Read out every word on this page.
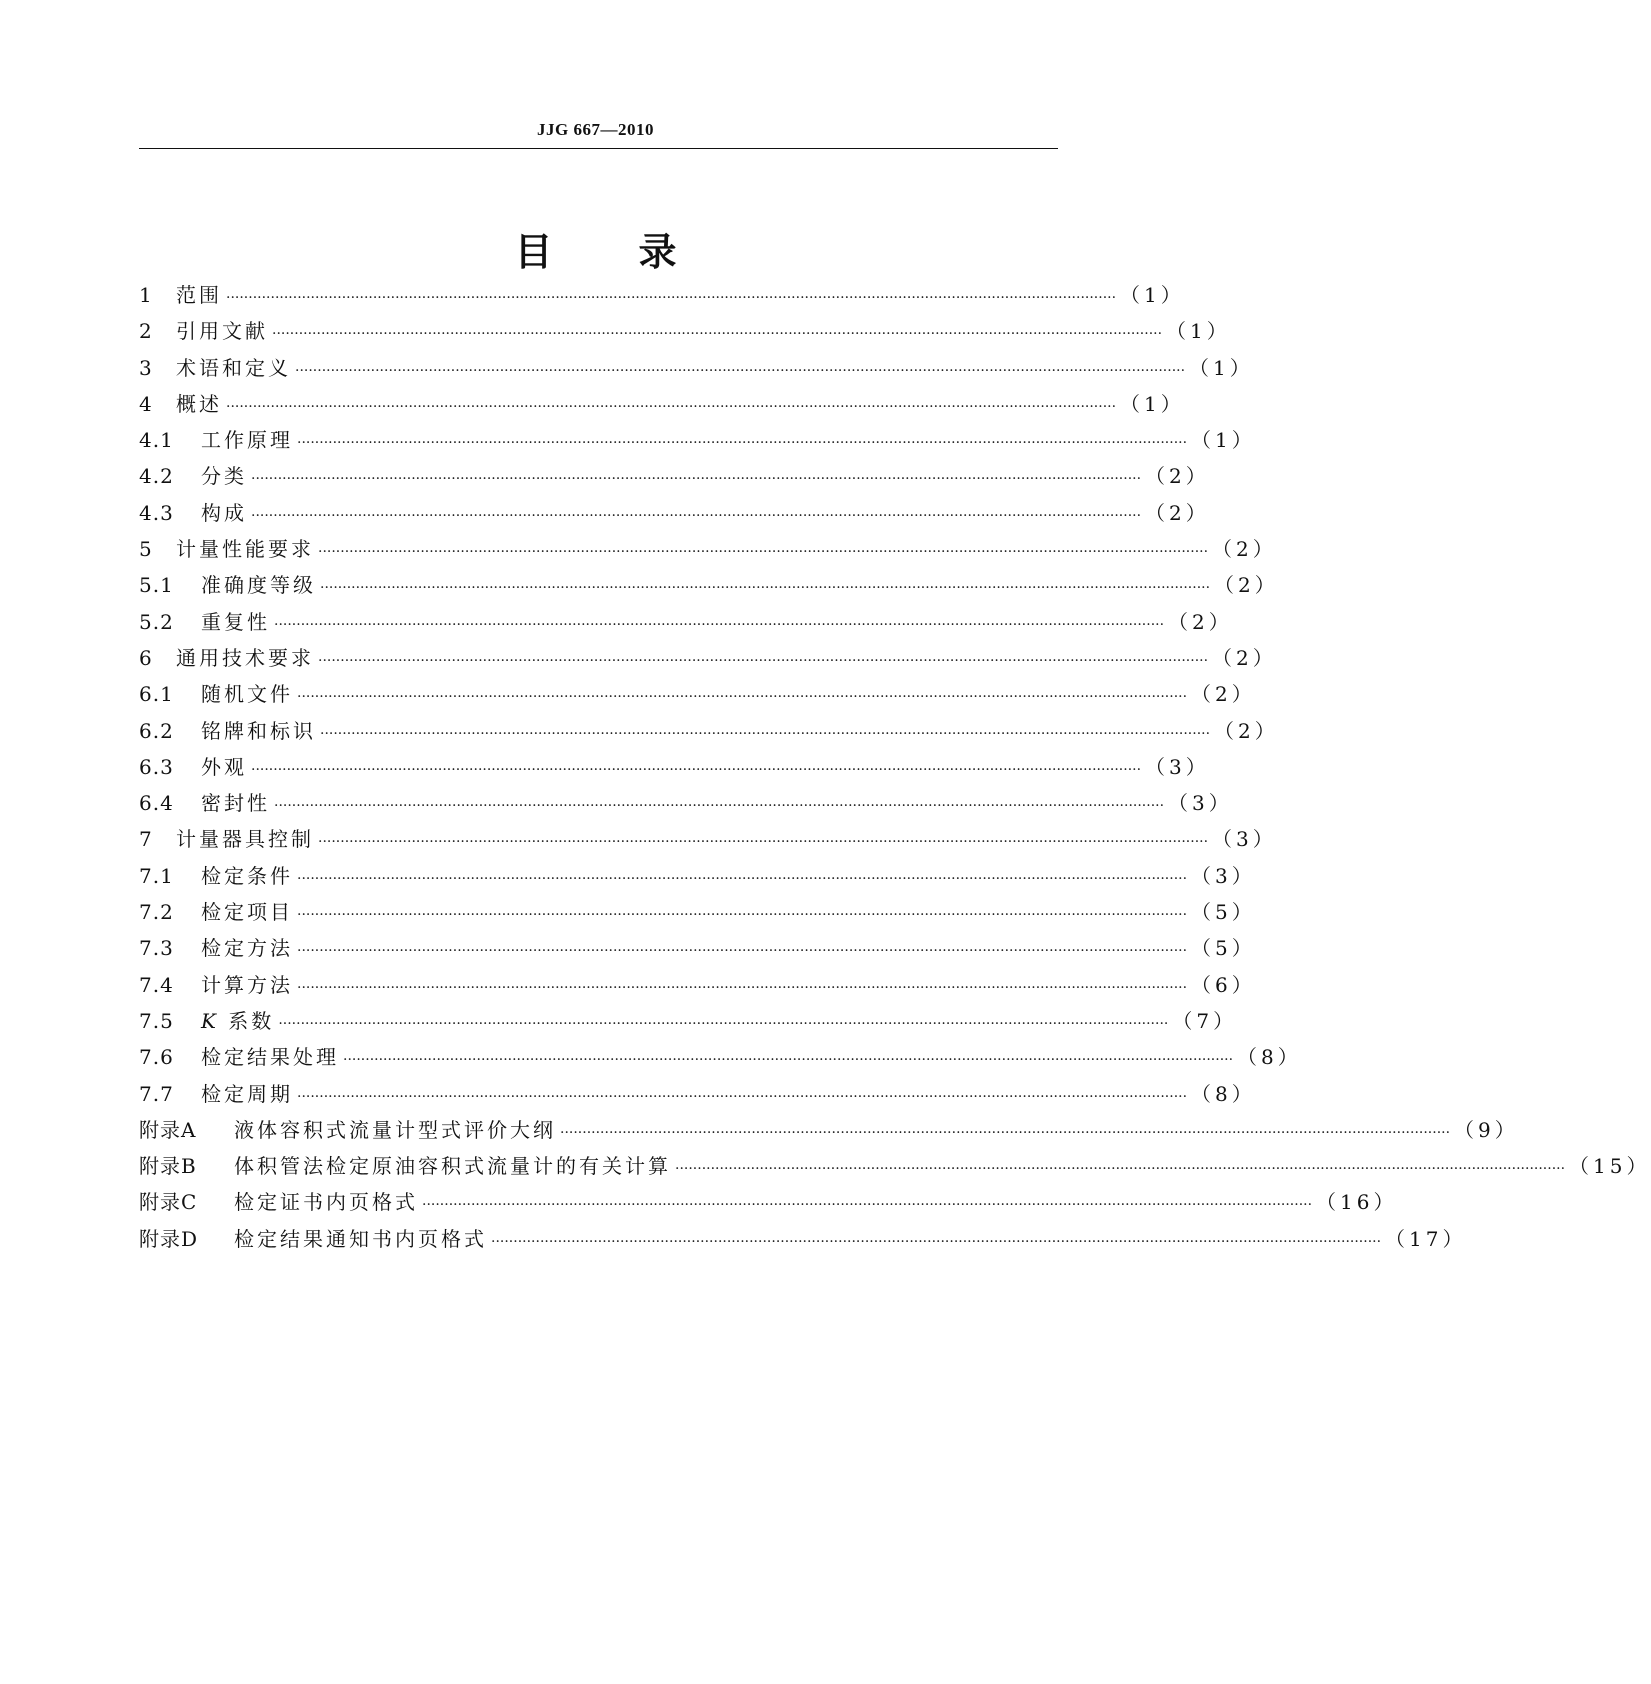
JJG 667—2010
目录
1	范围 ········································································································································································································ （1）
2	引用文献 ········································································································································································································ （1）
3	术语和定义 ········································································································································································································ （1）
4	概述 ········································································································································································································ （1）
4.1	工作原理 ········································································································································································································ （1）
4.2	分类 ········································································································································································································ （2）
4.3	构成 ········································································································································································································ （2）
5	计量性能要求 ········································································································································································································ （2）
5.1	准确度等级 ········································································································································································································ （2）
5.2	重复性 ········································································································································································································ （2）
6	通用技术要求 ········································································································································································································ （2）
6.1	随机文件 ········································································································································································································ （2）
6.2	铭牌和标识 ········································································································································································································ （2）
6.3	外观 ········································································································································································································ （3）
6.4	密封性 ········································································································································································································ （3）
7	计量器具控制 ········································································································································································································ （3）
7.1	检定条件 ········································································································································································································ （3）
7.2	检定项目 ········································································································································································································ （5）
7.3	检定方法 ········································································································································································································ （5）
7.4	计算方法 ········································································································································································································ （6）
7.5	K 系数 ········································································································································································································ （7）
7.6	检定结果处理 ········································································································································································································ （8）
7.7	检定周期 ········································································································································································································ （8）
附录A	液体容积式流量计型式评价大纲 ········································································································································································································ （9）
附录B	体积管法检定原油容积式流量计的有关计算 ········································································································································································································ （15）
附录C	检定证书内页格式 ········································································································································································································ （16）
附录D	检定结果通知书内页格式 ········································································································································································································ （17）
